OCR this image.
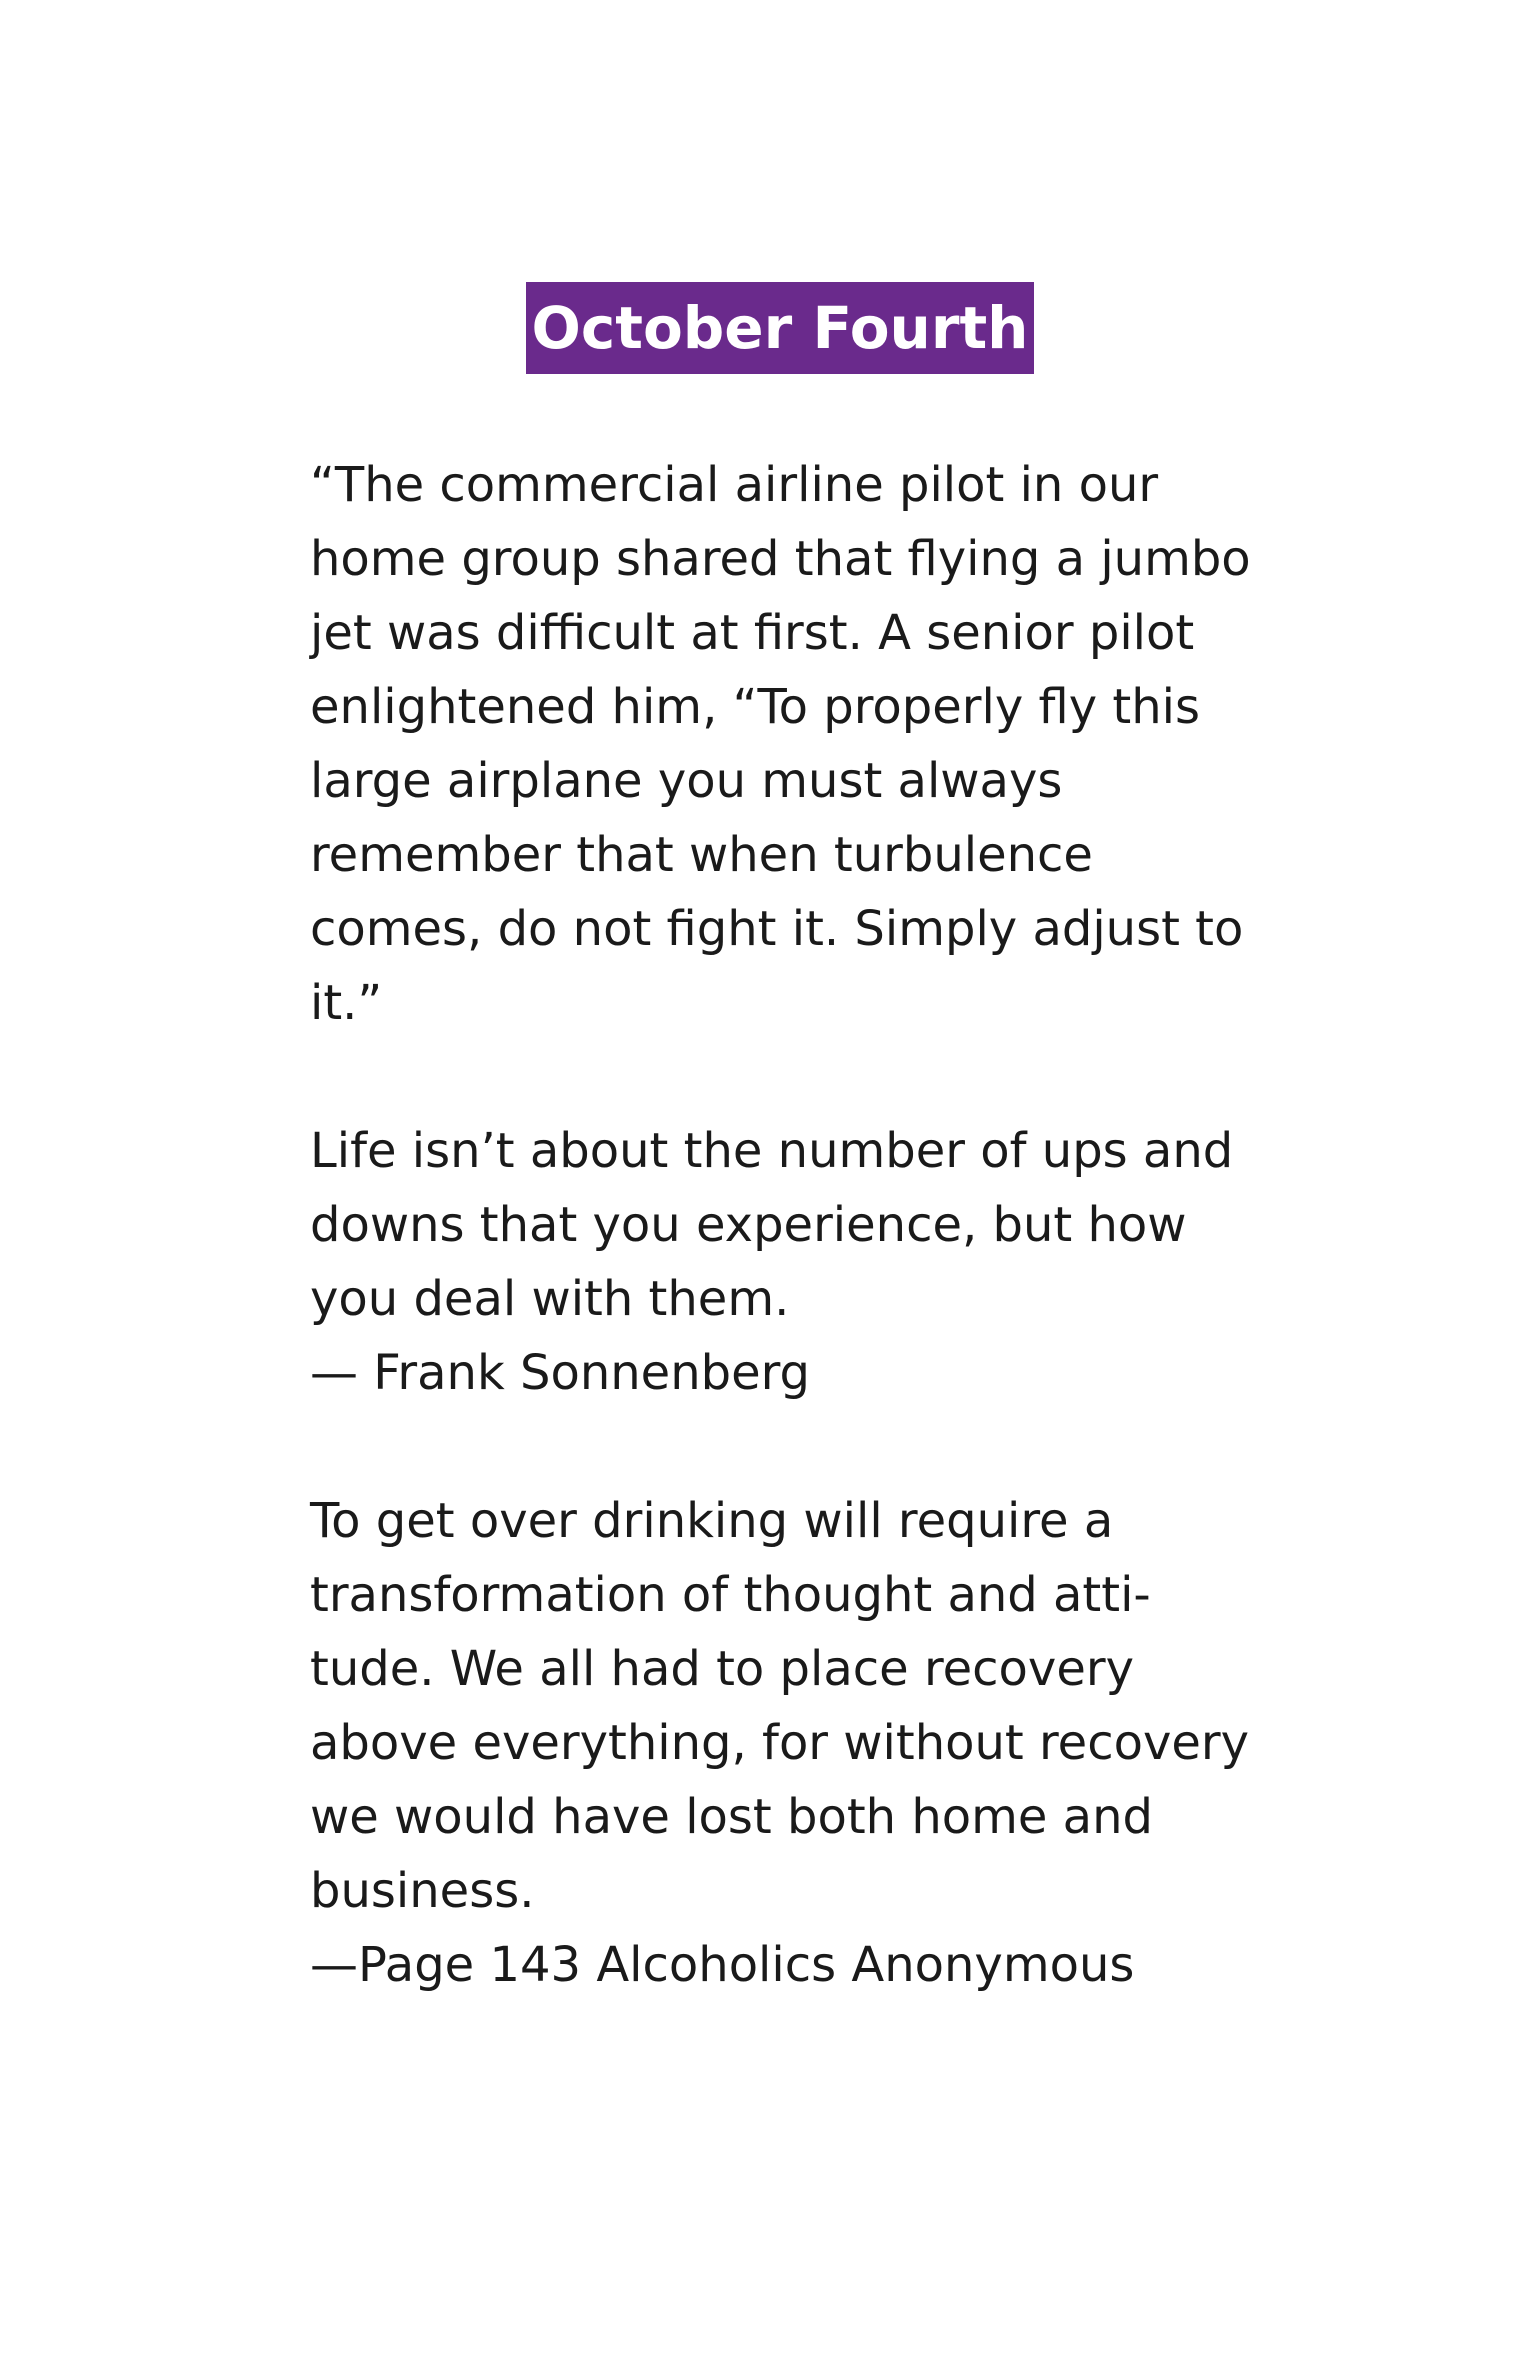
October Fourth

“The commercial airline pilot in our
home group shared that flying a jumbo
jet was difficult at first. A senior pilot
enlightened him, “To properly fly this
large airplane you must always
remember that when turbulence
comes, do not fight it. Simply adjust to
it.”

Life isn’t about the number of ups and
downs that you experience, but how
you deal with them.
— Frank Sonnenberg

To get over drinking will require a
transformation of thought and atti-
tude. We all had to place recovery
above everything, for without recovery
we would have lost both home and
business.
—Page 143 Alcoholics Anonymous
